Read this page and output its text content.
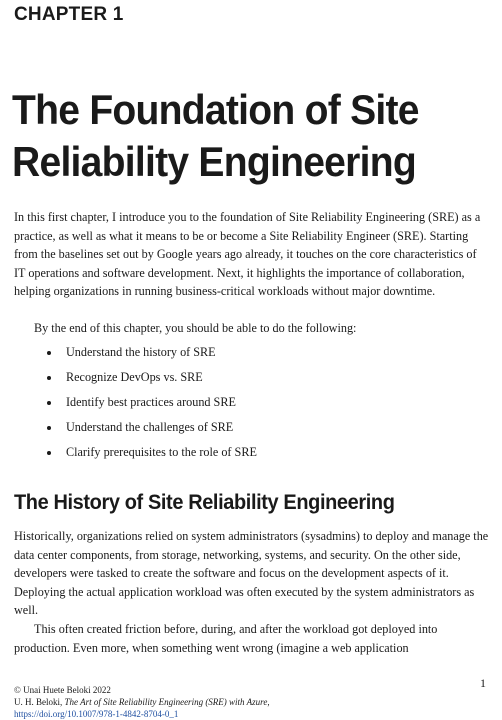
CHAPTER 1
The Foundation of Site Reliability Engineering

In this first chapter, I introduce you to the foundation of Site Reliability Engineering (SRE) as a practice, as well as what it means to be or become a Site Reliability Engineer (SRE). Starting from the baselines set out by Google years ago already, it touches on the core characteristics of IT operations and software development. Next, it highlights the importance of collaboration, helping organizations in running business-critical workloads without major downtime.

By the end of this chapter, you should be able to do the following:

Understand the history of SRE
Recognize DevOps vs. SRE
Identify best practices around SRE
Understand the challenges of SRE
Clarify prerequisites to the role of SRE
The History of Site Reliability Engineering

Historically, organizations relied on system administrators (sysadmins) to deploy and manage the data center components, from storage, networking, systems, and security. On the other side, developers were tasked to create the software and focus on the development aspects of it. Deploying the actual application workload was often executed by the system administrators as well.

This often created friction before, during, and after the workload got deployed into production. Even more, when something went wrong (imagine a web application

1
© Unai Huete Beloki 2022
U. H. Beloki, The Art of Site Reliability Engineering (SRE) with Azure,
https://doi.org/10.1007/978-1-4842-8704-0_1
